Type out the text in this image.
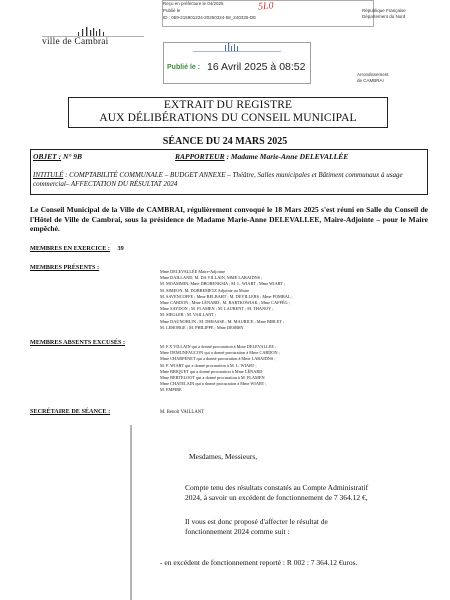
Reçu en préfecture le 04/2025
Publié le
ID : 059-215901224-20250324-58_240325-DE
5L0	République Française
Département du Nord
ville de Cambrai
Publié le : 16 Avril 2025 à 08:52
Arrondissement
de CAMBRAI
EXTRAIT DU REGISTRE
AUX DÉLIBÉRATIONS DU CONSEIL MUNICIPAL
SÉANCE DU 24 MARS 2025
OBJET : N° 9B	RAPPORTEUR : Madame Marie-Anne DELEVALLÉE
INTITULÉ : COMPTABILITÉ COMMUNALE – BUDGET ANNEXE – Théâtre, Salles municipales et Bâtiment communaux à usage commercial– AFFECTATION DU RÉSULTAT 2024
Le Conseil Municipal de la Ville de CAMBRAI, régulièrement convoqué le 18 Mars 2025 s'est réuni en Salle du Conseil de l'Hôtel de Ville de Cambrai, sous la présidence de Madame Marie-Anne DELEVALLEE, Maire-Adjointe – pour le Maire empêché.
MEMBRES EN EXERCICE : 39
MEMBRES PRÉSENTS :
Mme DELEVALLÉE Maire-Adjointe
Mme DAILLAND, M. DA VILLAIN, MME LARAIDNS ;
M. MOAMMIN, Mme DROBENKSIA ; M. L. WIART ; Mme WIART ;
M. SIMEON, M. DOBREMETZ Adjointe au Maire
M. SAVENCOFFE ; Mme BELBAHT ; M. DEVILLERS ; Mme POMBAL ;
Mme CARDON ; Mme LÉNARD ; M. BARTKOWIAK ; Mme CAFFÉG ;
Mme SAYDON ; M. FLAMEN ; M. LAURENT ; M. THANOY ;
M. SIEGLER ; M. VAILLANT ;
Mme DAUNOHLIN ; M. DERASSE ; M. MAURICE ; Mme BIBLET ;
M. LEBORGE ; M. PHILIPPE ; Mme DESBRY
MEMBRES ABSENTS EXCUSÉS :
M. F.X VILLAIN qui a donné procuration à Mme DELEVALLEE ;
Mme DEMUNFAUCON qui a donné procuration à Mme CARDON ;
Mme CHARPENET qui a donné procuration à Mme LARAIDNS ;
M. F. WIART qui a donné procuration à M. L. WIART ;
Mme BRIQUET qui a donné procuration à Mme LÉNARD
Mme BERTELOOT qui a donné procuration à M. FLAMEN
Mme CHATELAIN qui a donné procuration à Mme WIART ;
M. EMPIRE
SECRÉTAIRE DE SÉANCE :	M. Benoît VAILLANT
Mesdames, Messieurs,
Compte tenu des résultats constatés au Compte Administratif 2024, à savoir un excédent de fonctionnement de 7 364.12 €,
Il vous est donc proposé d'affecter le résultat de fonctionnement 2024 comme suit :
- en excédent de fonctionnement reporté : R 002 : 7 364.12 €uros.
